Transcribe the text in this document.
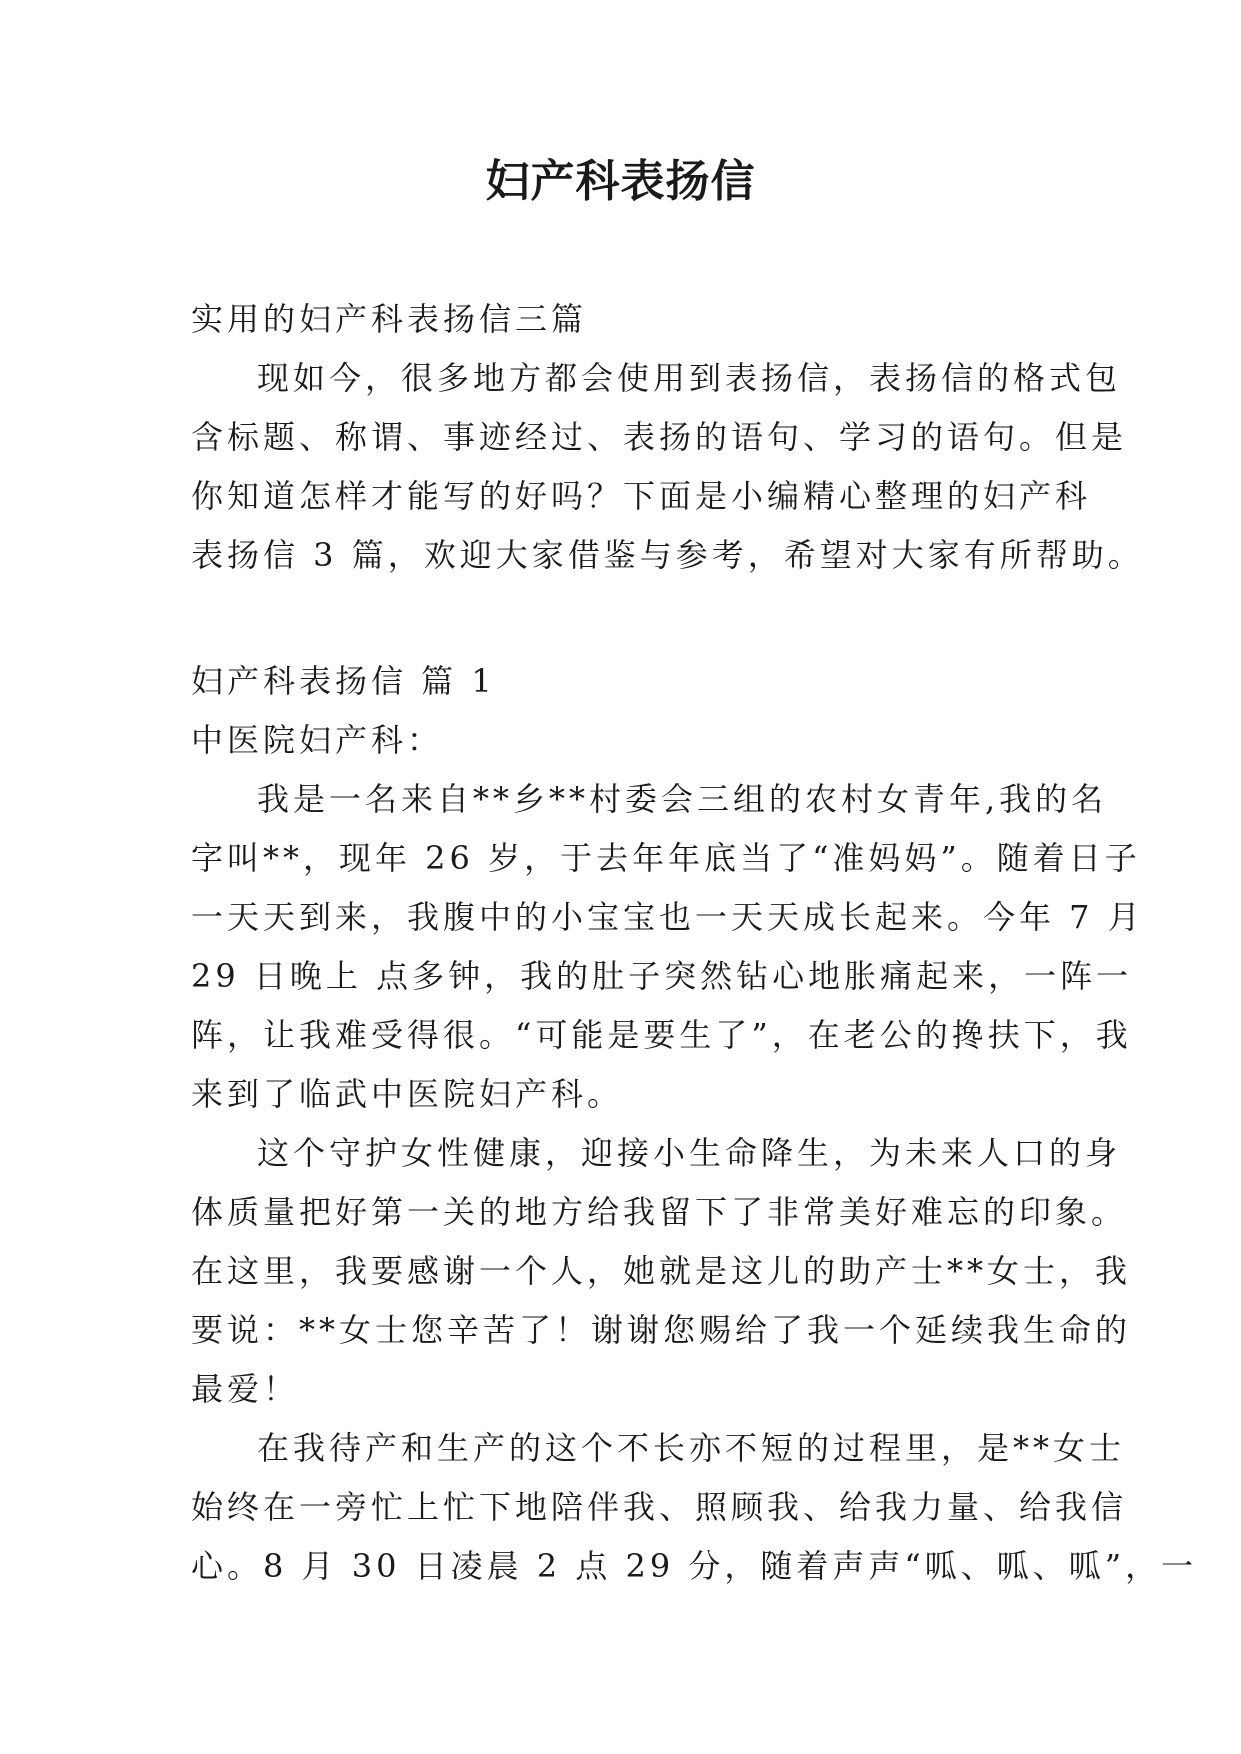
妇产科表扬信
实用的妇产科表扬信三篇
现如今，很多地方都会使用到表扬信，表扬信的格式包
含标题、称谓、事迹经过、表扬的语句、学习的语句。但是
你知道怎样才能写的好吗？下面是小编精心整理的妇产科
表扬信 3 篇，欢迎大家借鉴与参考，希望对大家有所帮助。
妇产科表扬信 篇 1
中医院妇产科：
我是一名来自**乡**村委会三组的农村女青年,我的名
字叫**，现年 26 岁，于去年年底当了“准妈妈”。随着日子
一天天到来，我腹中的小宝宝也一天天成长起来。今年 7 月
29 日晚上 点多钟，我的肚子突然钻心地胀痛起来，一阵一
阵，让我难受得很。“可能是要生了”，在老公的搀扶下，我
来到了临武中医院妇产科。
这个守护女性健康，迎接小生命降生，为未来人口的身
体质量把好第一关的地方给我留下了非常美好难忘的印象。
在这里，我要感谢一个人，她就是这儿的助产士**女士，我
要说：**女士您辛苦了！谢谢您赐给了我一个延续我生命的
最爱！
在我待产和生产的这个不长亦不短的过程里，是**女士
始终在一旁忙上忙下地陪伴我、照顾我、给我力量、给我信
心。8 月 30 日凌晨 2 点 29 分，随着声声“呱、呱、呱”，一
